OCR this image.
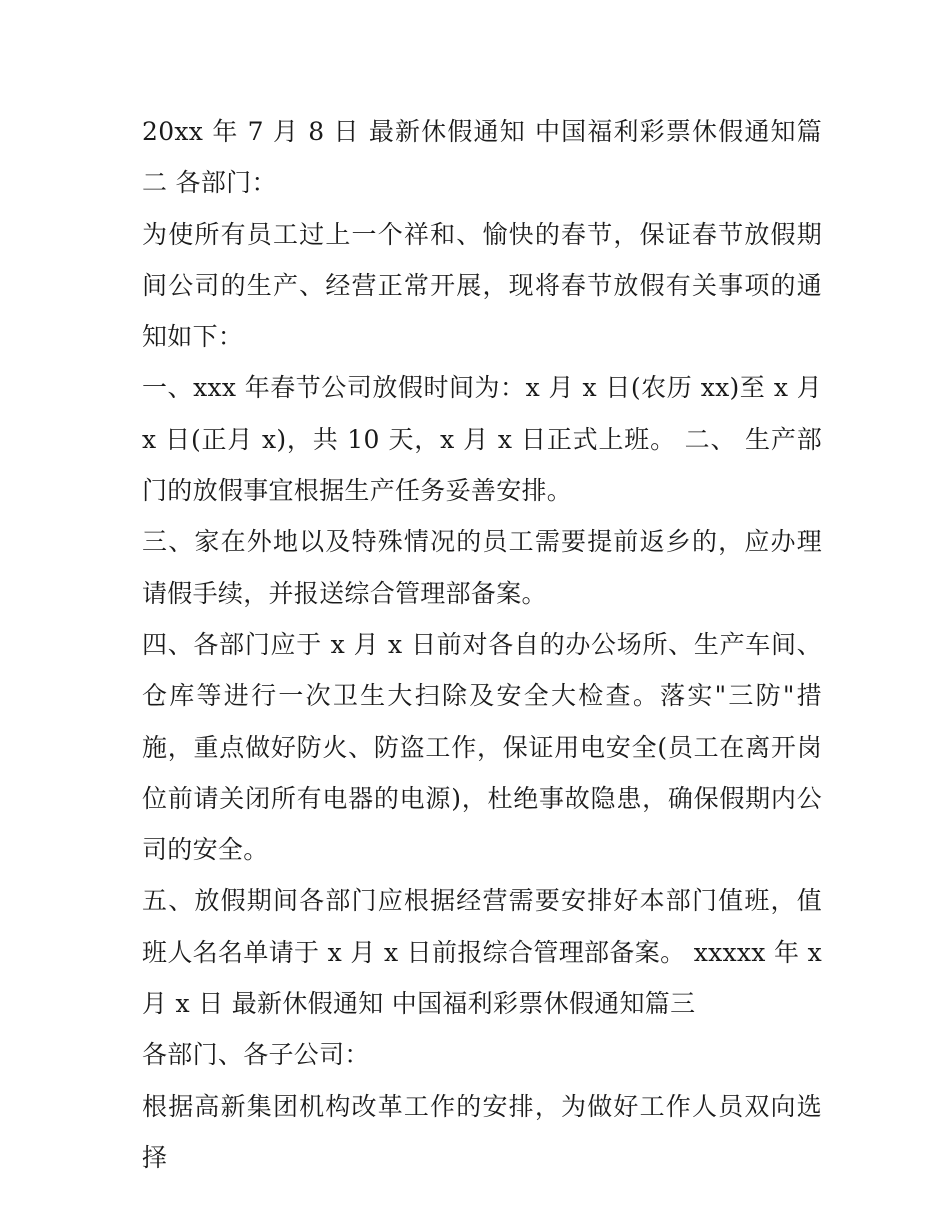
20xx 年 7 月 8 日 最新休假通知 中国福利彩票休假通知篇二 各部门：

为使所有员工过上一个祥和、愉快的春节，保证春节放假期间公司的生产、经营正常开展，现将春节放假有关事项的通知如下：

一、xxx 年春节公司放假时间为：x 月 x 日(农历 xx)至 x 月 x 日(正月 x)，共 10 天，x 月 x 日正式上班。 二、 生产部门的放假事宜根据生产任务妥善安排。

三、家在外地以及特殊情况的员工需要提前返乡的，应办理请假手续，并报送综合管理部备案。

四、各部门应于 x 月 x 日前对各自的办公场所、生产车间、仓库等进行一次卫生大扫除及安全大检查。落实"三防"措施，重点做好防火、防盗工作，保证用电安全(员工在离开岗位前请关闭所有电器的电源)，杜绝事故隐患，确保假期内公司的安全。

五、放假期间各部门应根据经营需要安排好本部门值班，值班人名名单请于 x 月 x 日前报综合管理部备案。 xxxxx 年 x 月 x 日 最新休假通知 中国福利彩票休假通知篇三

各部门、各子公司：

根据高新集团机构改革工作的安排，为做好工作人员双向选择
